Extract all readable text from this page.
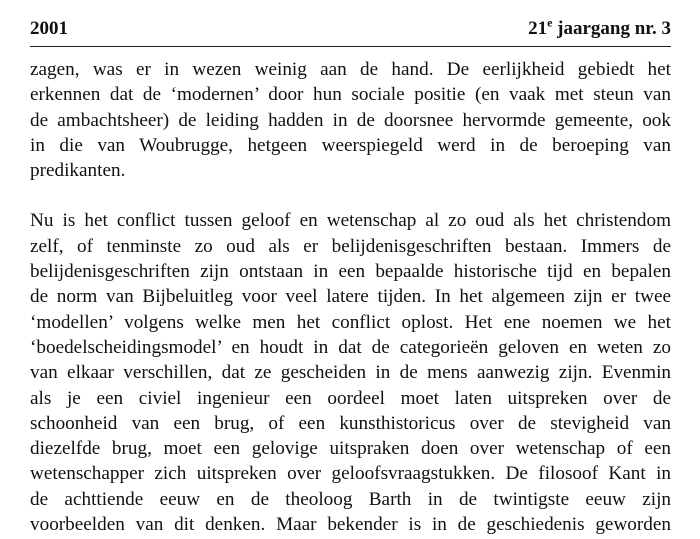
2001	21e jaargang nr. 3

zagen, was er in wezen weinig aan de hand. De eerlijkheid gebiedt het
erkennen dat de ‘modernen’ door hun sociale positie (en vaak met steun van
de ambachtsheer) de leiding hadden in de doorsnee hervormde gemeente, ook
in die van Woubrugge, hetgeen weerspiegeld werd in de beroeping van
predikanten.

Nu is het conflict tussen geloof en wetenschap al zo oud als het christendom
zelf, of tenminste zo oud als er belijdenisgeschriften bestaan. Immers de
belijdenisgeschriften zijn ontstaan in een bepaalde historische tijd en bepalen
de norm van Bijbeluitleg voor veel latere tijden. In het algemeen zijn er twee
‘modellen’ volgens welke men het conflict oplost. Het ene noemen we het
‘boedelscheidingsmodel’ en houdt in dat de categorieën geloven en weten zo
van elkaar verschillen, dat ze gescheiden in de mens aanwezig zijn. Evenmin
als je een civiel ingenieur een oordeel moet laten uitspreken over de
schoonheid van een brug, of een kunsthistoricus over de stevigheid van
diezelfde brug, moet een gelovige uitspraken doen over wetenschap of een
wetenschapper zich uitspreken over geloofsvraagstukken. De filosoof Kant in
de achttiende eeuw en de theoloog Barth in de twintigste eeuw zijn
voorbeelden van dit denken. Maar bekender is in de geschiedenis geworden
